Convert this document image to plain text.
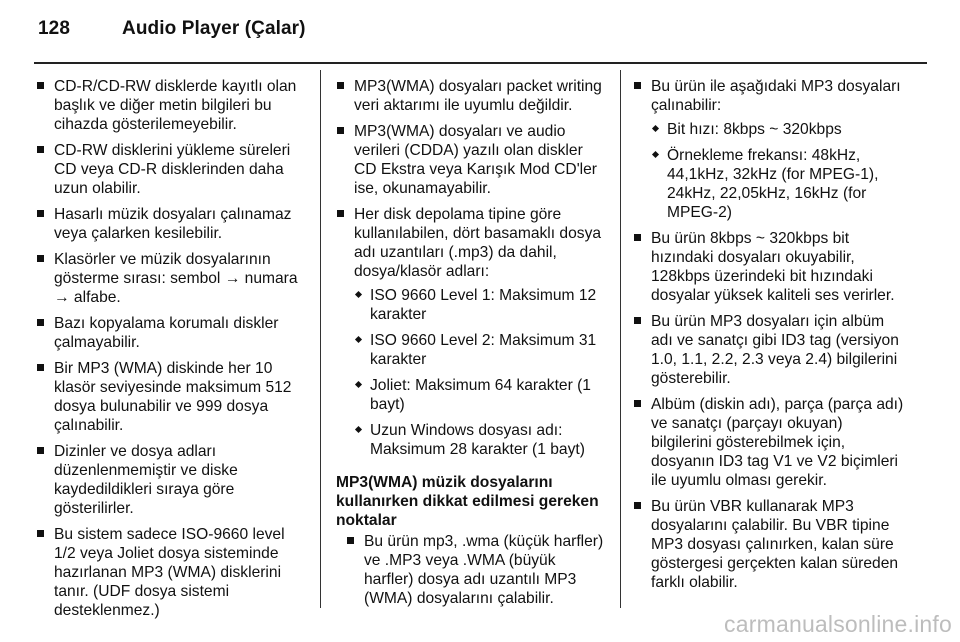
128	Audio Player (Çalar)
CD-R/CD-RW disklerde kayıtlı olan başlık ve diğer metin bilgileri bu cihazda gösterilemeyebilir.
CD-RW disklerini yükleme süreleri CD veya CD-R disklerinden daha uzun olabilir.
Hasarlı müzik dosyaları çalınamaz veya çalarken kesilebilir.
Klasörler ve müzik dosyalarının gösterme sırası: sembol → numara → alfabe.
Bazı kopyalama korumalı diskler çalmayabilir.
Bir MP3 (WMA) diskinde her 10 klasör seviyesinde maksimum 512 dosya bulunabilir ve 999 dosya çalınabilir.
Dizinler ve dosya adları düzenlenmemiştir ve diske kaydedildikleri sıraya göre gösterilirler.
Bu sistem sadece ISO-9660 level 1/2 veya Joliet dosya sisteminde hazırlanan MP3 (WMA) disklerini tanır. (UDF dosya sistemi desteklenmez.)
MP3(WMA) dosyaları packet writing veri aktarımı ile uyumlu değildir.
MP3(WMA) dosyaları ve audio verileri (CDDA) yazılı olan diskler CD Ekstra veya Karışık Mod CD'ler ise, okunamayabilir.
Her disk depolama tipine göre kullanılabilen, dört basamaklı dosya adı uzantıları (.mp3) da dahil, dosya/klasör adları:
ISO 9660 Level 1: Maksimum 12 karakter
ISO 9660 Level 2: Maksimum 31 karakter
Joliet: Maksimum 64 karakter (1 bayt)
Uzun Windows dosyası adı: Maksimum 28 karakter (1 bayt)
MP3(WMA) müzik dosyalarını kullanırken dikkat edilmesi gereken noktalar
Bu ürün mp3, .wma (küçük harfler) ve .MP3 veya .WMA (büyük harfler) dosya adı uzantılı MP3 (WMA) dosyalarını çalabilir.
Bu ürün ile aşağıdaki MP3 dosyaları çalınabilir:
Bit hızı: 8kbps ~ 320kbps
Örnekleme frekansı: 48kHz, 44,1kHz, 32kHz (for MPEG-1), 24kHz, 22,05kHz, 16kHz (for MPEG-2)
Bu ürün 8kbps ~ 320kbps bit hızındaki dosyaları okuyabilir, 128kbps üzerindeki bit hızındaki dosyalar yüksek kaliteli ses verirler.
Bu ürün MP3 dosyaları için albüm adı ve sanatçı gibi ID3 tag (versiyon 1.0, 1.1, 2.2, 2.3 veya 2.4) bilgilerini gösterebilir.
Albüm (diskin adı), parça (parça adı) ve sanatçı (parçayı okuyan) bilgilerini gösterebilmek için, dosyanın ID3 tag V1 ve V2 biçimleri ile uyumlu olması gerekir.
Bu ürün VBR kullanarak MP3 dosyalarını çalabilir. Bu VBR tipine MP3 dosyası çalınırken, kalan süre göstergesi gerçekten kalan süreden farklı olabilir.
carmanualsonline.info
